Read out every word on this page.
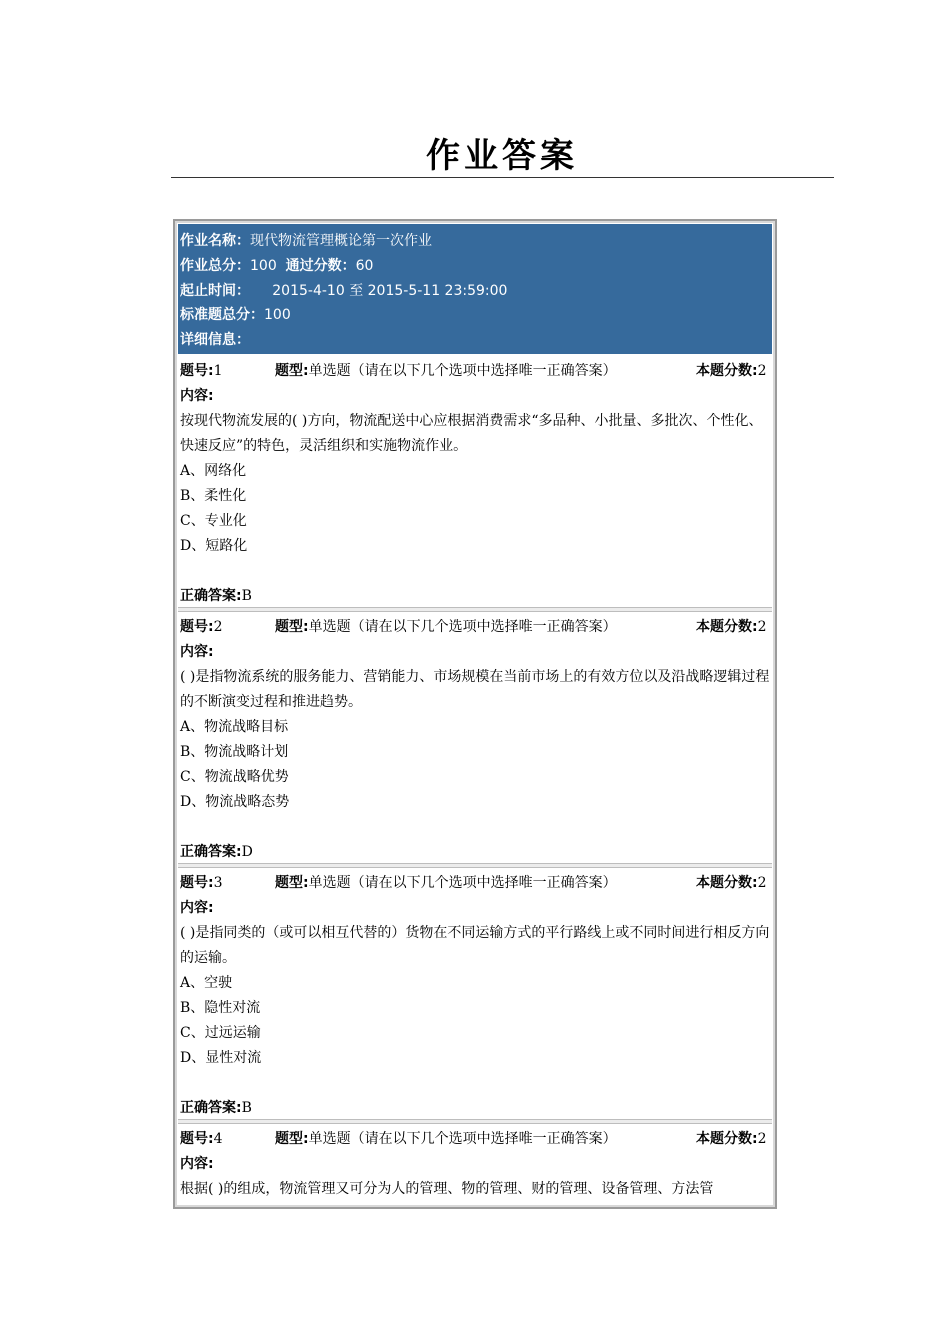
作业答案
作业名称：现代物流管理概论第一次作业
作业总分：100 通过分数：60
起止时间： 2015-4-10 至 2015-5-11 23:59:00
标准题总分：100
详细信息：
题号:1	题型:单选题（请在以下几个选项中选择唯一正确答案）	本题分数:2
内容:
按现代物流发展的( )方向，物流配送中心应根据消费需求“多品种、小批量、多批次、个性化、快速反应”的特色，灵活组织和实施物流作业。
A、网络化
B、柔性化
C、专业化
D、短路化
正确答案:B
题号:2	题型:单选题（请在以下几个选项中选择唯一正确答案）	本题分数:2
内容:
( )是指物流系统的服务能力、营销能力、市场规模在当前市场上的有效方位以及沿战略逻辑过程的不断演变过程和推进趋势。
A、物流战略目标
B、物流战略计划
C、物流战略优势
D、物流战略态势
正确答案:D
题号:3	题型:单选题（请在以下几个选项中选择唯一正确答案）	本题分数:2
内容:
( )是指同类的（或可以相互代替的）货物在不同运输方式的平行路线上或不同时间进行相反方向的运输。
A、空驶
B、隐性对流
C、过远运输
D、显性对流
正确答案:B
题号:4	题型:单选题（请在以下几个选项中选择唯一正确答案）	本题分数:2
内容:
根据( )的组成，物流管理又可分为人的管理、物的管理、财的管理、设备管理、方法管
